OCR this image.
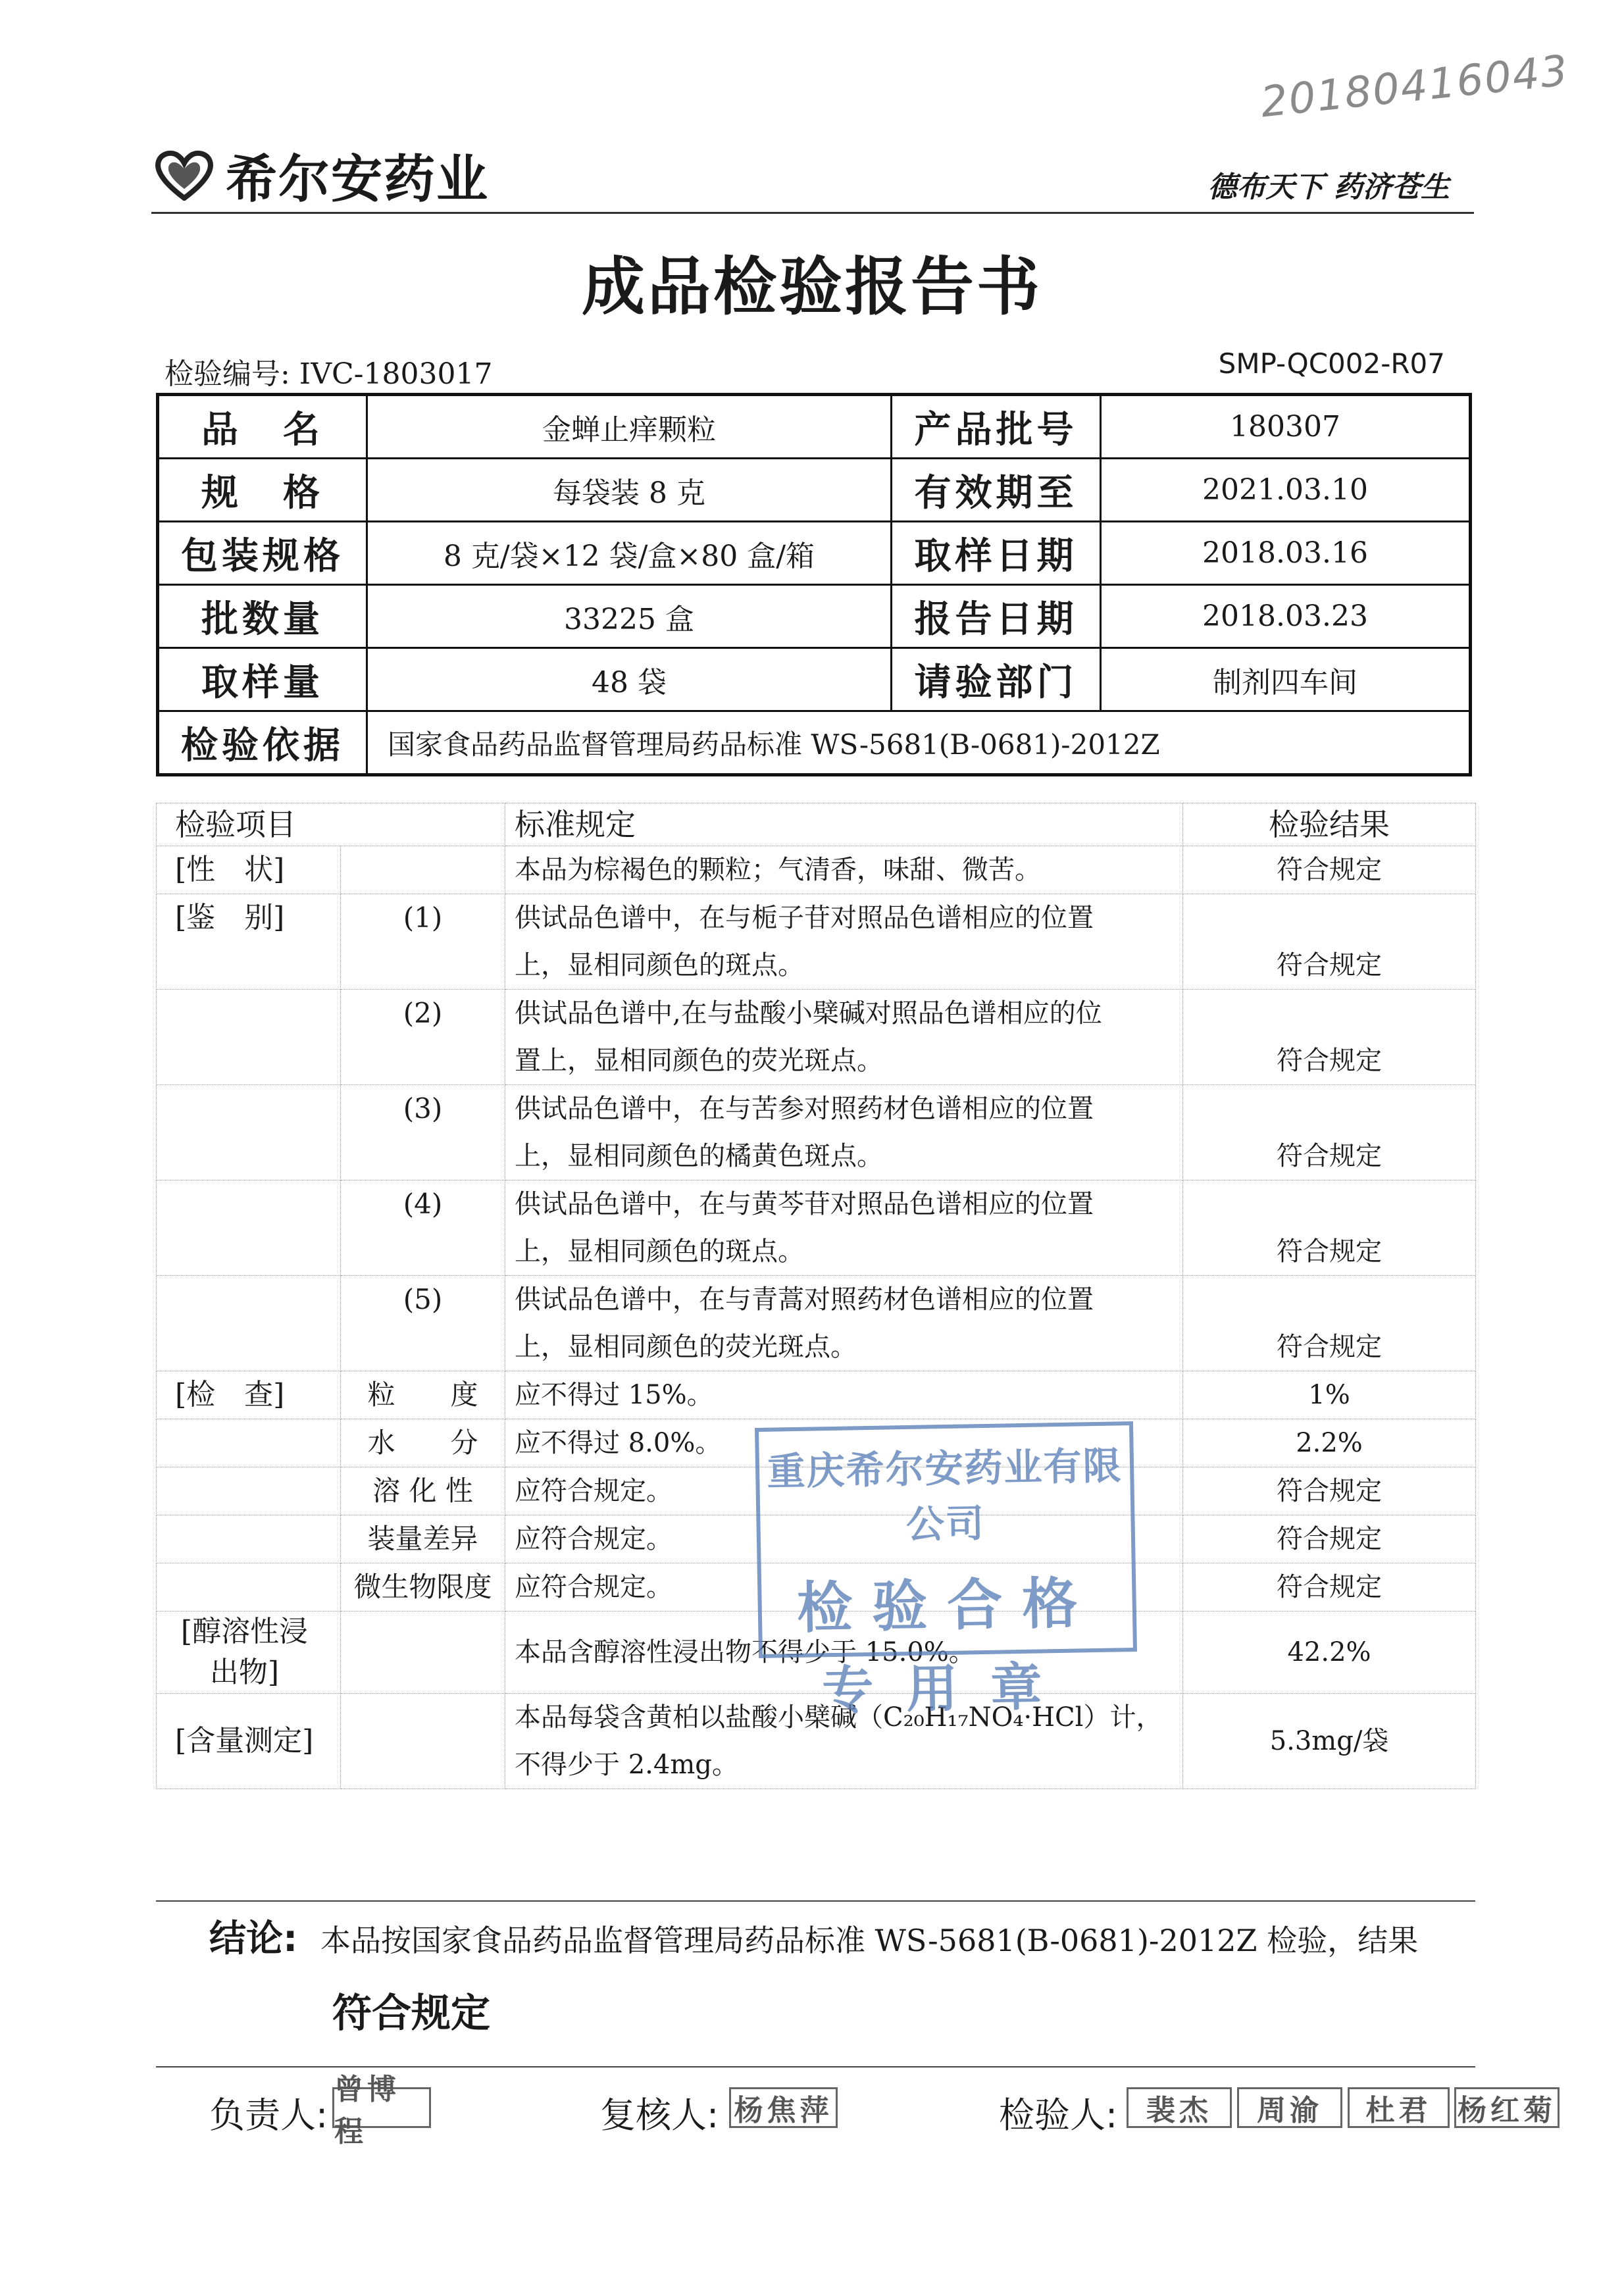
20180416043
希尔安药业	德布天下 药济苍生
成品检验报告书
检验编号: IVC-1803017	SMP-QC002-R07
品　名	金蝉止痒颗粒	产品批号	180307
规　格	每袋装 8 克	有效期至	2021.03.10
包装规格	8 克/袋×12 袋/盒×80 盒/箱	取样日期	2018.03.16
批数量	33225 盒	报告日期	2018.03.23
取样量	48 袋	请验部门	制剂四车间
检验依据	国家食品药品监督管理局药品标准 WS-5681(B-0681)-2012Z		
检验项目		标准规定	检验结果
[性　状]		本品为棕褐色的颗粒；气清香，味甜、微苦。	符合规定
[鉴　别]	(1)	供试品色谱中，在与栀子苷对照品色谱相应的位置
上，显相同颜色的斑点。	符合规定
	(2)	供试品色谱中,在与盐酸小檗碱对照品色谱相应的位
置上，显相同颜色的荧光斑点。	符合规定
	(3)	供试品色谱中，在与苦参对照药材色谱相应的位置
上，显相同颜色的橘黄色斑点。	符合规定
	(4)	供试品色谱中，在与黄芩苷对照品色谱相应的位置
上，显相同颜色的斑点。	符合规定
	(5)	供试品色谱中，在与青蒿对照药材色谱相应的位置
上，显相同颜色的荧光斑点。	符合规定
[检　查]	粒　　度	应不得过 15%。	1%
	水　　分	应不得过 8.0%。	2.2%
	溶 化 性	应符合规定。	符合规定
	装量差异	应符合规定。	符合规定
	微生物限度	应符合规定。	符合规定

[醇溶性浸
出物]		本品含醇溶性浸出物不得少于 15.0%。	42.2%
[含量测定]		本品每袋含黄柏以盐酸小檗碱（C₂₀H₁₇NO₄·HCl）计，
不得少于 2.4mg。	5.3mg/袋
重庆希尔安药业有限公司
检验合格
专用章
结论: 本品按国家食品药品监督管理局药品标准 WS-5681(B-0681)-2012Z 检验，结果
符合规定
负责人:
曾博程	复核人: 杨焦萍	检验人: 裴杰	周渝	杜君 杨红菊
